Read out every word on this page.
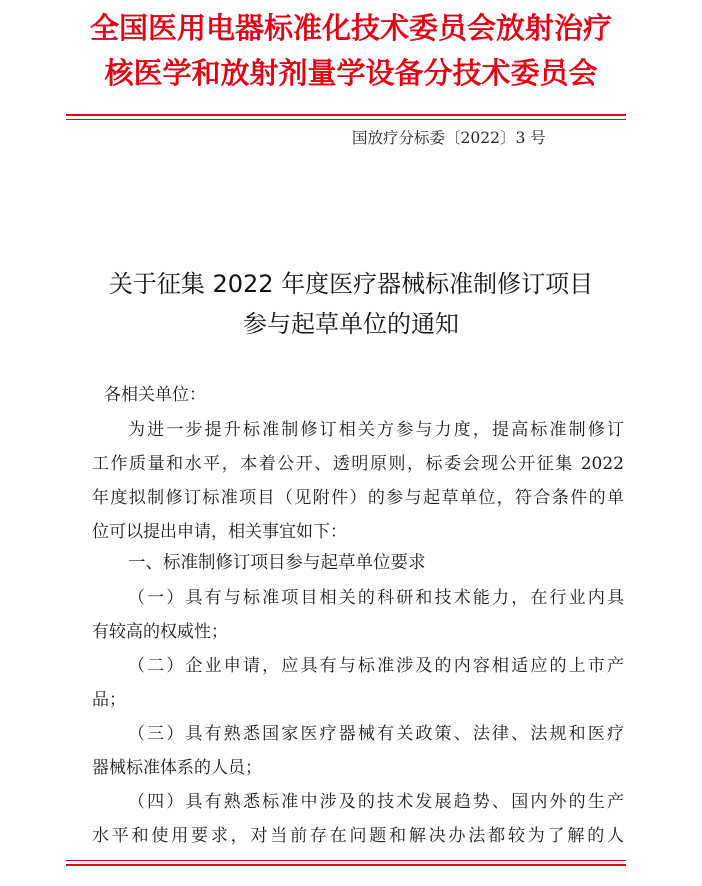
全国医用电器标准化技术委员会放射治疗
核医学和放射剂量学设备分技术委员会
国放疗分标委〔2022〕3 号
关于征集 2022 年度医疗器械标准制修订项目
参与起草单位的通知
各相关单位：
为进一步提升标准制修订相关方参与力度，提高标准制修订
工作质量和水平，本着公开、透明原则，标委会现公开征集 2022
年度拟制修订标准项目（见附件）的参与起草单位，符合条件的单
位可以提出申请，相关事宜如下：
一、标准制修订项目参与起草单位要求
（一）具有与标准项目相关的科研和技术能力，在行业内具
有较高的权威性；
（二）企业申请，应具有与标准涉及的内容相适应的上市产
品；
（三）具有熟悉国家医疗器械有关政策、法律、法规和医疗
器械标准体系的人员；
（四）具有熟悉标准中涉及的技术发展趋势、国内外的生产
水平和使用要求，对当前存在问题和解决办法都较为了解的人
